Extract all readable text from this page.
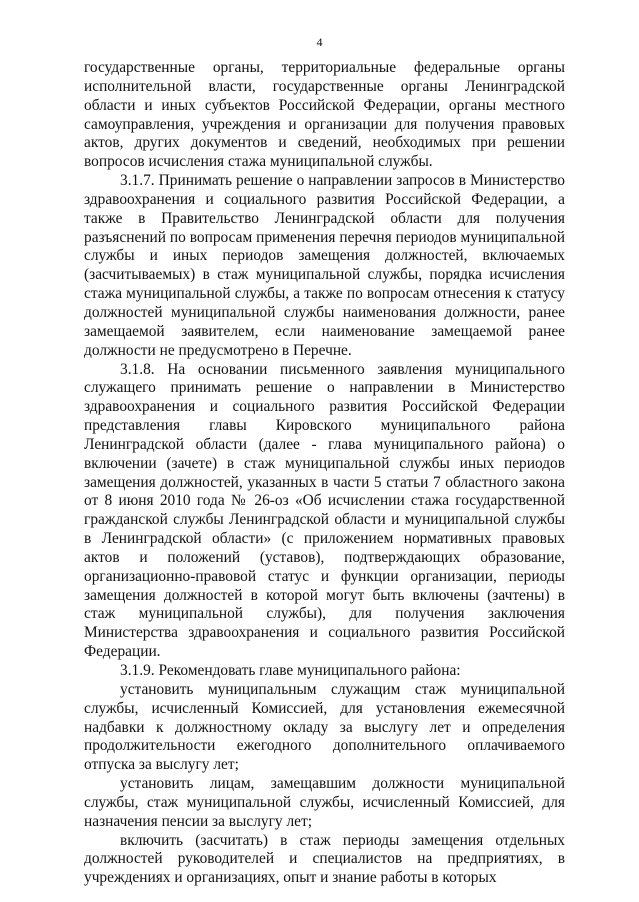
4

государственные органы, территориальные федеральные органы исполнительной власти, государственные органы Ленинградской области и иных субъектов Российской Федерации, органы местного самоуправления, учреждения и организации для получения правовых актов, других документов и сведений, необходимых при решении вопросов исчисления стажа муниципальной службы.

3.1.7. Принимать решение о направлении запросов в Министерство здравоохранения и социального развития Российской Федерации, а также в Правительство Ленинградской области для получения разъяснений по вопросам применения перечня периодов муниципальной службы и иных периодов замещения должностей, включаемых (засчитываемых) в стаж муниципальной службы, порядка исчисления стажа муниципальной службы, а также по вопросам отнесения к статусу должностей муниципальной службы наименования должности, ранее замещаемой заявителем, если наименование замещаемой ранее должности не предусмотрено в Перечне.

3.1.8. На основании письменного заявления муниципального служащего принимать решение о направлении в Министерство здравоохранения и социального развития Российской Федерации представления главы Кировского муниципального района Ленинградской области (далее - глава муниципального района) о включении (зачете) в стаж муниципальной службы иных периодов замещения должностей, указанных в части 5 статьи 7 областного закона от 8 июня 2010 года № 26-оз «Об исчислении стажа государственной гражданской службы Ленинградской области и муниципальной службы в Ленинградской области» (с приложением нормативных правовых актов и положений (уставов), подтверждающих образование, организационно-правовой статус и функции организации, периоды замещения должностей в которой могут быть включены (зачтены) в стаж муниципальной службы), для получения заключения Министерства здравоохранения и социального развития Российской Федерации.

3.1.9. Рекомендовать главе муниципального района:

установить муниципальным служащим стаж муниципальной службы, исчисленный Комиссией, для установления ежемесячной надбавки к должностному окладу за выслугу лет и определения продолжительности ежегодного дополнительного оплачиваемого отпуска за выслугу лет;

установить лицам, замещавшим должности муниципальной службы, стаж муниципальной службы, исчисленный Комиссией, для назначения пенсии за выслугу лет;

включить (засчитать) в стаж периоды замещения отдельных должностей руководителей и специалистов на предприятиях, в учреждениях и организациях, опыт и знание работы в которых
